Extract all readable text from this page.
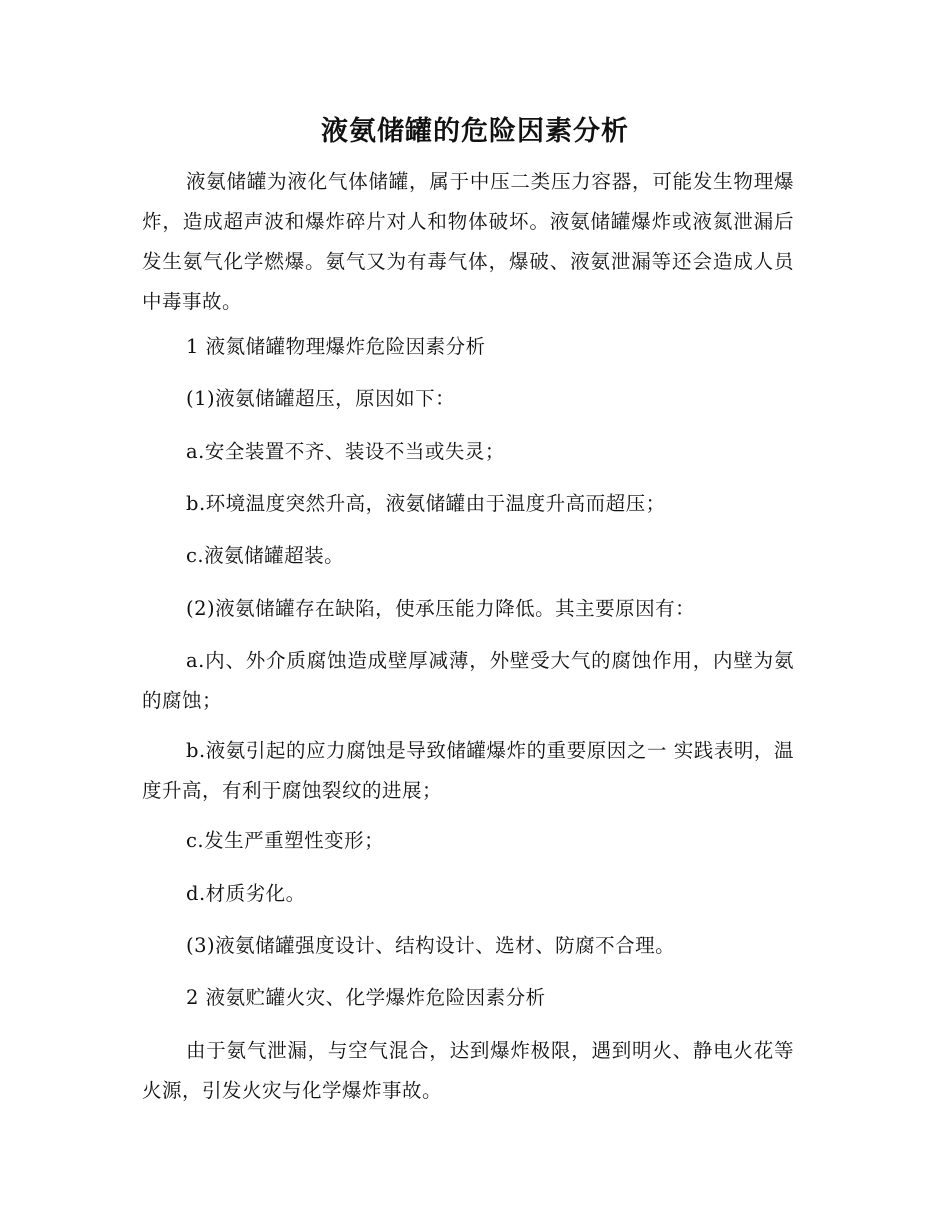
液氨储罐的危险因素分析

液氨储罐为液化气体储罐，属于中压二类压力容器，可能发生物理爆炸，造成超声波和爆炸碎片对人和物体破坏。液氨储罐爆炸或液氮泄漏后发生氨气化学燃爆。氨气又为有毒气体，爆破、液氨泄漏等还会造成人员中毒事故。

1 液氮储罐物理爆炸危险因素分析

(1)液氨储罐超压，原因如下：

a.安全装置不齐、装设不当或失灵；

b.环境温度突然升高，液氨储罐由于温度升高而超压；

c.液氨储罐超装。

(2)液氨储罐存在缺陷，使承压能力降低。其主要原因有：

a.内、外介质腐蚀造成壁厚减薄，外壁受大气的腐蚀作用，内壁为氨的腐蚀；

b.液氨引起的应力腐蚀是导致储罐爆炸的重要原因之一 实践表明，温度升高，有利于腐蚀裂纹的进展；

c.发生严重塑性变形；

d.材质劣化。

(3)液氨储罐强度设计、结构设计、选材、防腐不合理。

2 液氨贮罐火灾、化学爆炸危险因素分析

由于氨气泄漏，与空气混合，达到爆炸极限，遇到明火、静电火花等火源，引发火灾与化学爆炸事故。
